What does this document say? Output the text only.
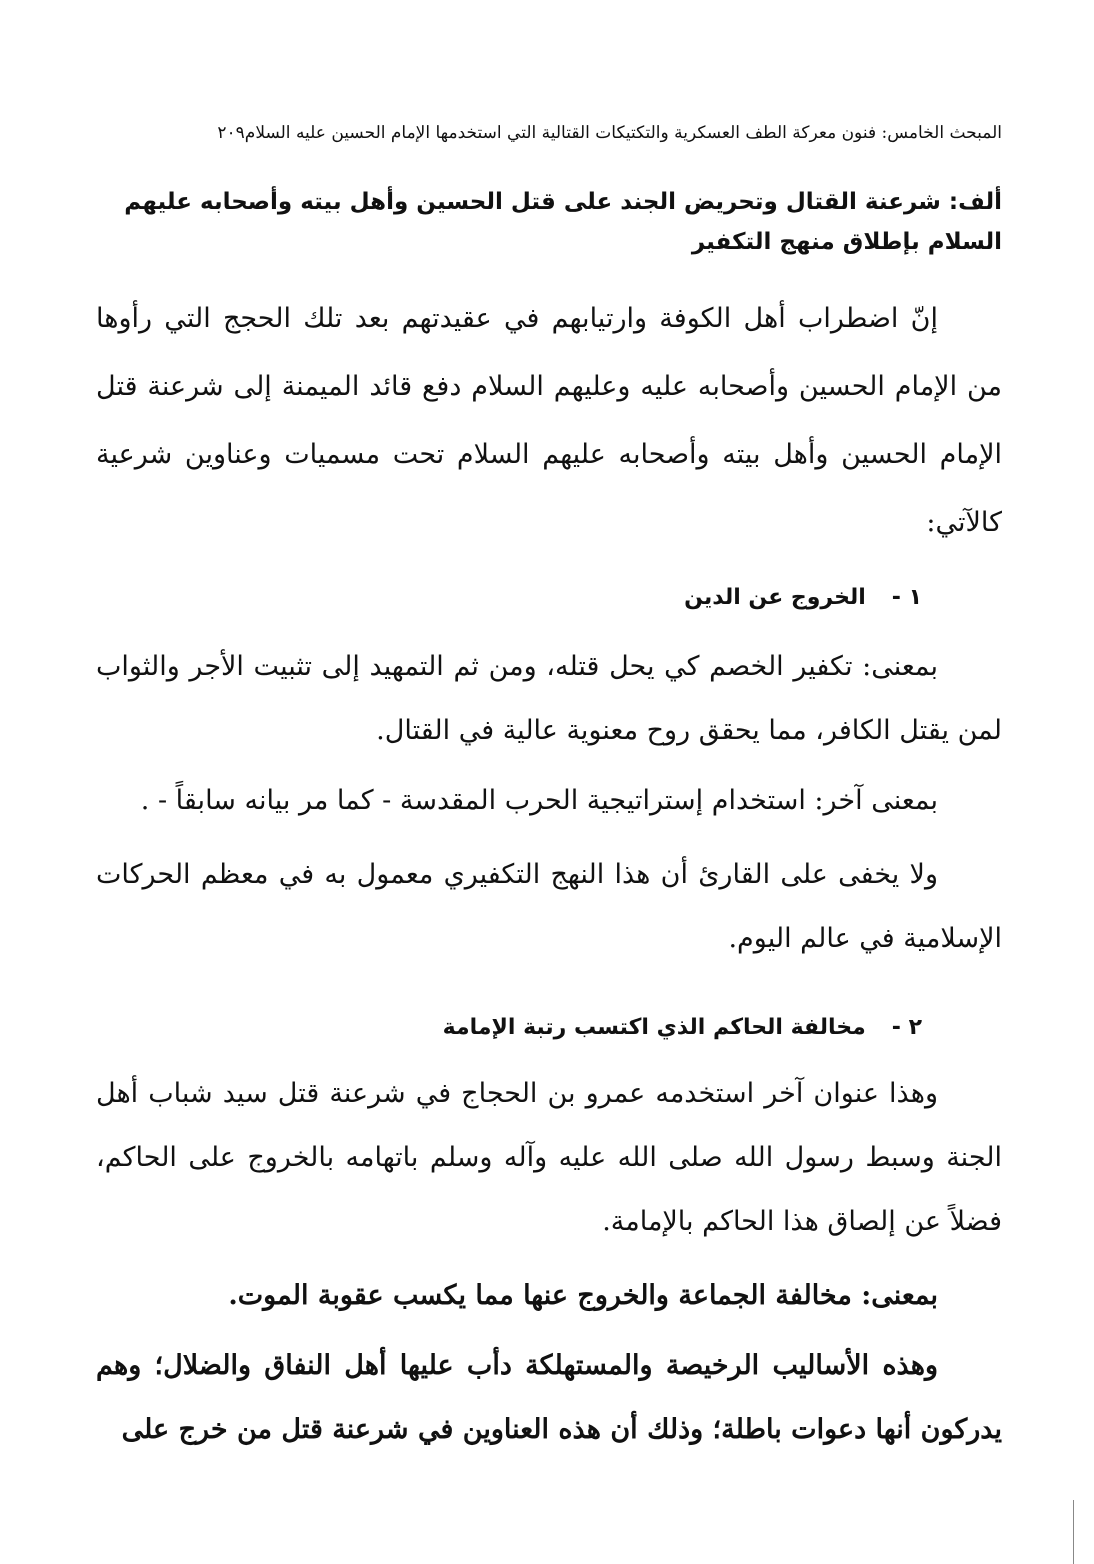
المبحث الخامس: فنون معركة الطف العسكرية والتكتيكات القتالية التي استخدمها الإمام الحسين عليه السلام٢٠٩
ألف: شرعنة القتال وتحريض الجند على قتل الحسين وأهل بيته وأصحابه عليهم السلام بإطلاق منهج التكفير

إنّ اضطراب أهل الكوفة وارتيابهم في عقيدتهم بعد تلك الحجج التي رأوها من الإمام الحسين وأصحابه عليه وعليهم السلام دفع قائد الميمنة إلى شرعنة قتل الإمام الحسين وأهل بيته وأصحابه عليهم السلام تحت مسميات وعناوين شرعية كالآتي:

١ -الخروج عن الدين

بمعنى: تكفير الخصم كي يحل قتله، ومن ثم التمهيد إلى تثبيت الأجر والثواب لمن يقتل الكافر، مما يحقق روح معنوية عالية في القتال.

بمعنى آخر: استخدام إستراتيجية الحرب المقدسة - كما مر بيانه سابقاً - .

ولا يخفى على القارئ أن هذا النهج التكفيري معمول به في معظم الحركات الإسلامية في عالم اليوم.

٢ -مخالفة الحاكم الذي اكتسب رتبة الإمامة

وهذا عنوان آخر استخدمه عمرو بن الحجاج في شرعنة قتل سيد شباب أهل الجنة وسبط رسول الله صلى الله عليه وآله وسلم باتهامه بالخروج على الحاكم، فضلاً عن إلصاق هذا الحاكم بالإمامة.

بمعنى: مخالفة الجماعة والخروج عنها مما يكسب عقوبة الموت.

وهذه الأساليب الرخيصة والمستهلكة دأب عليها أهل النفاق والضلال؛ وهم يدركون أنها دعوات باطلة؛ وذلك أن هذه العناوين في شرعنة قتل من خرج على
